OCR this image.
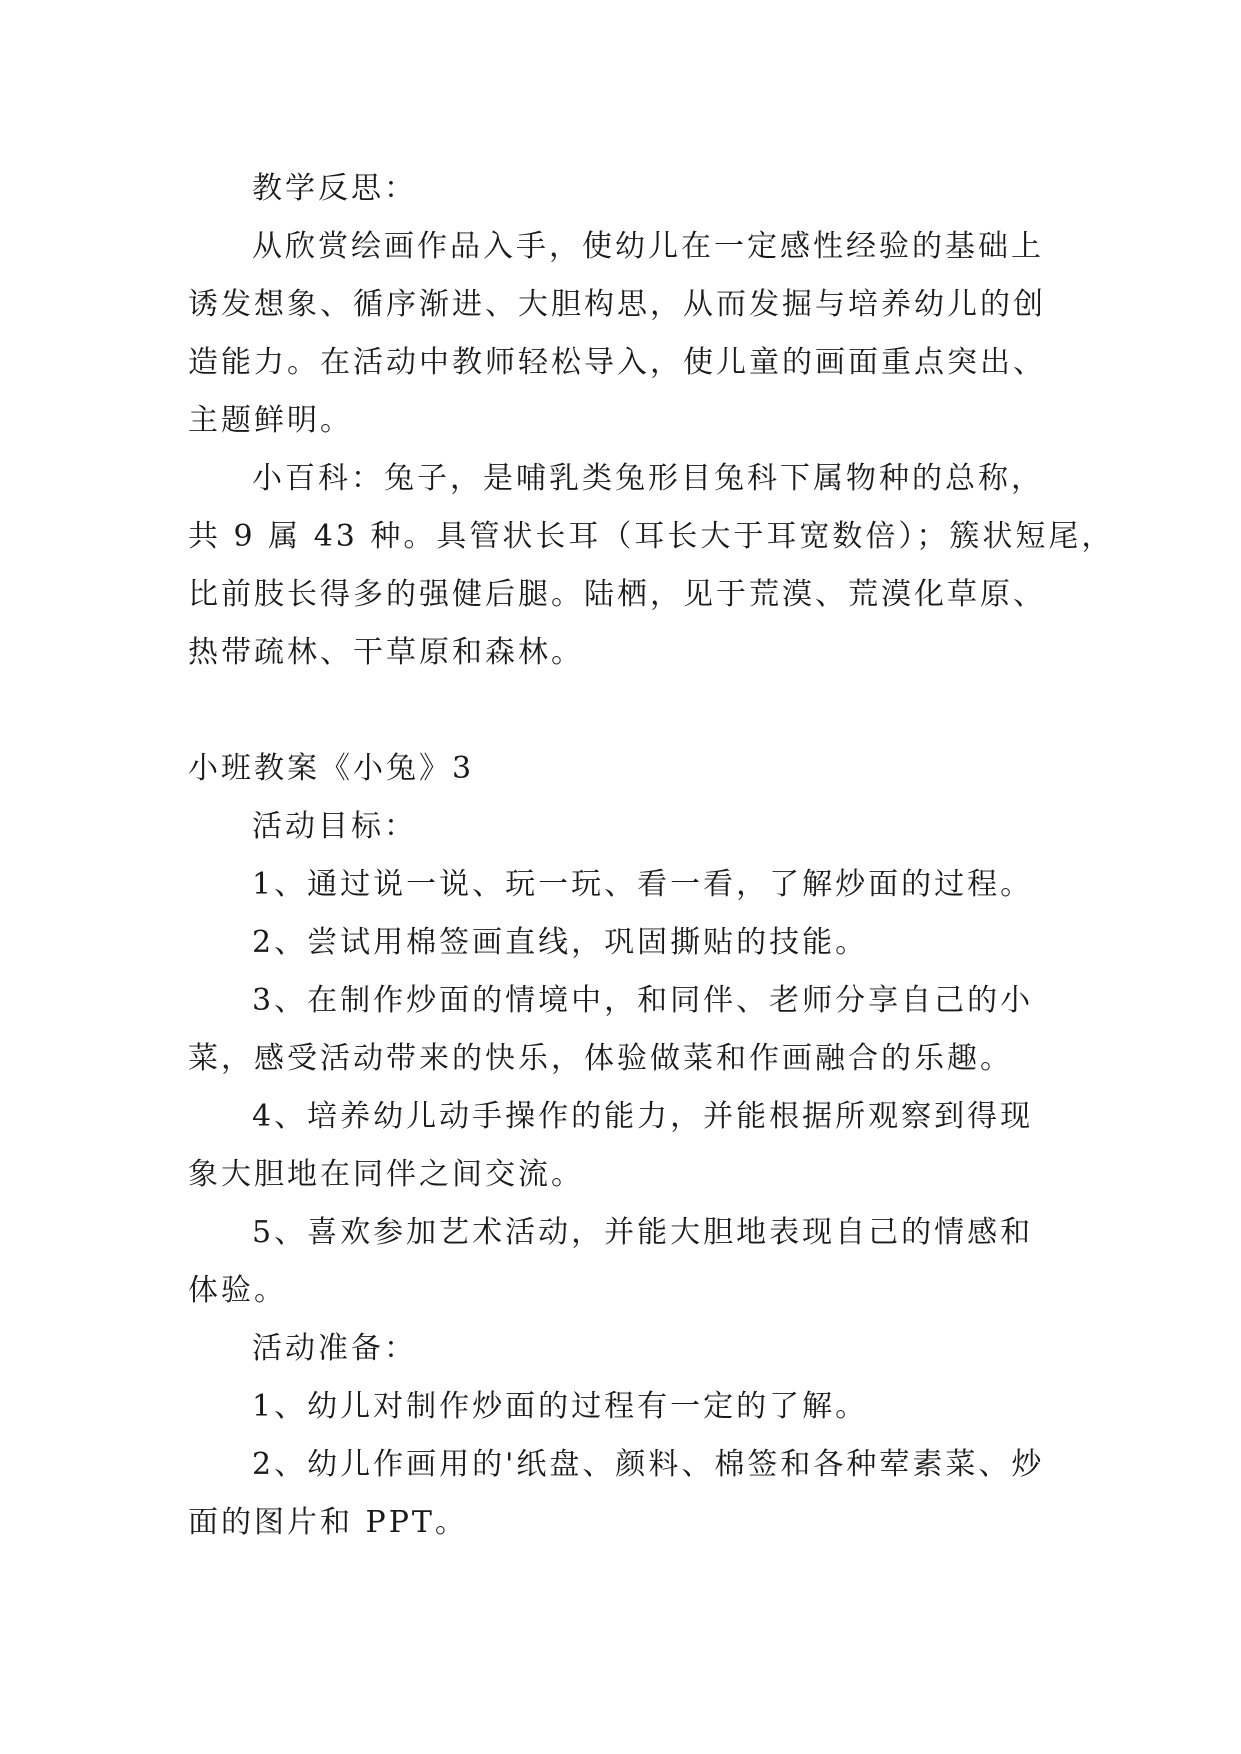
教学反思：
从欣赏绘画作品入手，使幼儿在一定感性经验的基础上
诱发想象、循序渐进、大胆构思，从而发掘与培养幼儿的创
造能力。在活动中教师轻松导入，使儿童的画面重点突出、
主题鲜明。
小百科：兔子，是哺乳类兔形目兔科下属物种的总称，
共 9 属 43 种。具管状长耳（耳长大于耳宽数倍）；簇状短尾，
比前肢长得多的强健后腿。陆栖，见于荒漠、荒漠化草原、
热带疏林、干草原和森林。
小班教案《小兔》3
活动目标：
1、通过说一说、玩一玩、看一看，了解炒面的过程。
2、尝试用棉签画直线，巩固撕贴的技能。
3、在制作炒面的情境中，和同伴、老师分享自己的小
菜，感受活动带来的快乐，体验做菜和作画融合的乐趣。
4、培养幼儿动手操作的能力，并能根据所观察到得现
象大胆地在同伴之间交流。
5、喜欢参加艺术活动，并能大胆地表现自己的情感和
体验。
活动准备：
1、幼儿对制作炒面的过程有一定的了解。
2、幼儿作画用的'纸盘、颜料、棉签和各种荤素菜、炒
面的图片和 PPT。
